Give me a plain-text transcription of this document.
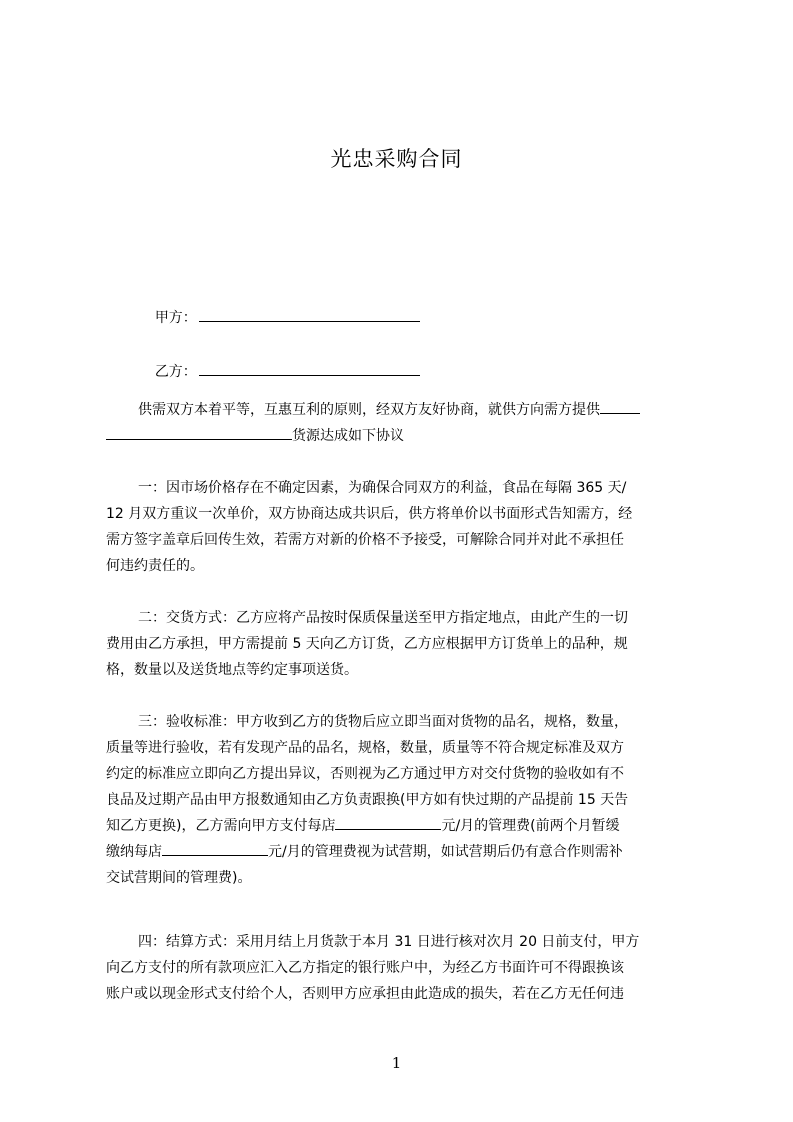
光忠采购合同

甲方：

乙方：

供需双方本着平等，互惠互利的原则，经双方友好协商，就供方向需方提供
货源达成如下协议
一：因市场价格存在不确定因素，为确保合同双方的利益，食品在每隔 365 天/
12 月双方重议一次单价，双方协商达成共识后，供方将单价以书面形式告知需方，经
需方签字盖章后回传生效，若需方对新的价格不予接受，可解除合同并对此不承担任
何违约责任的。
二：交货方式：乙方应将产品按时保质保量送至甲方指定地点，由此产生的一切
费用由乙方承担，甲方需提前 5 天向乙方订货，乙方应根据甲方订货单上的品种，规
格，数量以及送货地点等约定事项送货。
三：验收标准：甲方收到乙方的货物后应立即当面对货物的品名，规格，数量，
质量等进行验收，若有发现产品的品名，规格，数量，质量等不符合规定标准及双方
约定的标准应立即向乙方提出异议，否则视为乙方通过甲方对交付货物的验收如有不
良品及过期产品由甲方报数通知由乙方负责跟换(甲方如有快过期的产品提前 15 天告
知乙方更换)，乙方需向甲方支付每店	元/月的管理费(前两个月暂缓
缴纳每店	元/月的管理费视为试营期，如试营期后仍有意合作则需补
交试营期间的管理费)。
四：结算方式：采用月结上月货款于本月 31 日进行核对次月 20 日前支付，甲方
向乙方支付的所有款项应汇入乙方指定的银行账户中，为经乙方书面许可不得跟换该
账户或以现金形式支付给个人，否则甲方应承担由此造成的损失，若在乙方无任何违
1
